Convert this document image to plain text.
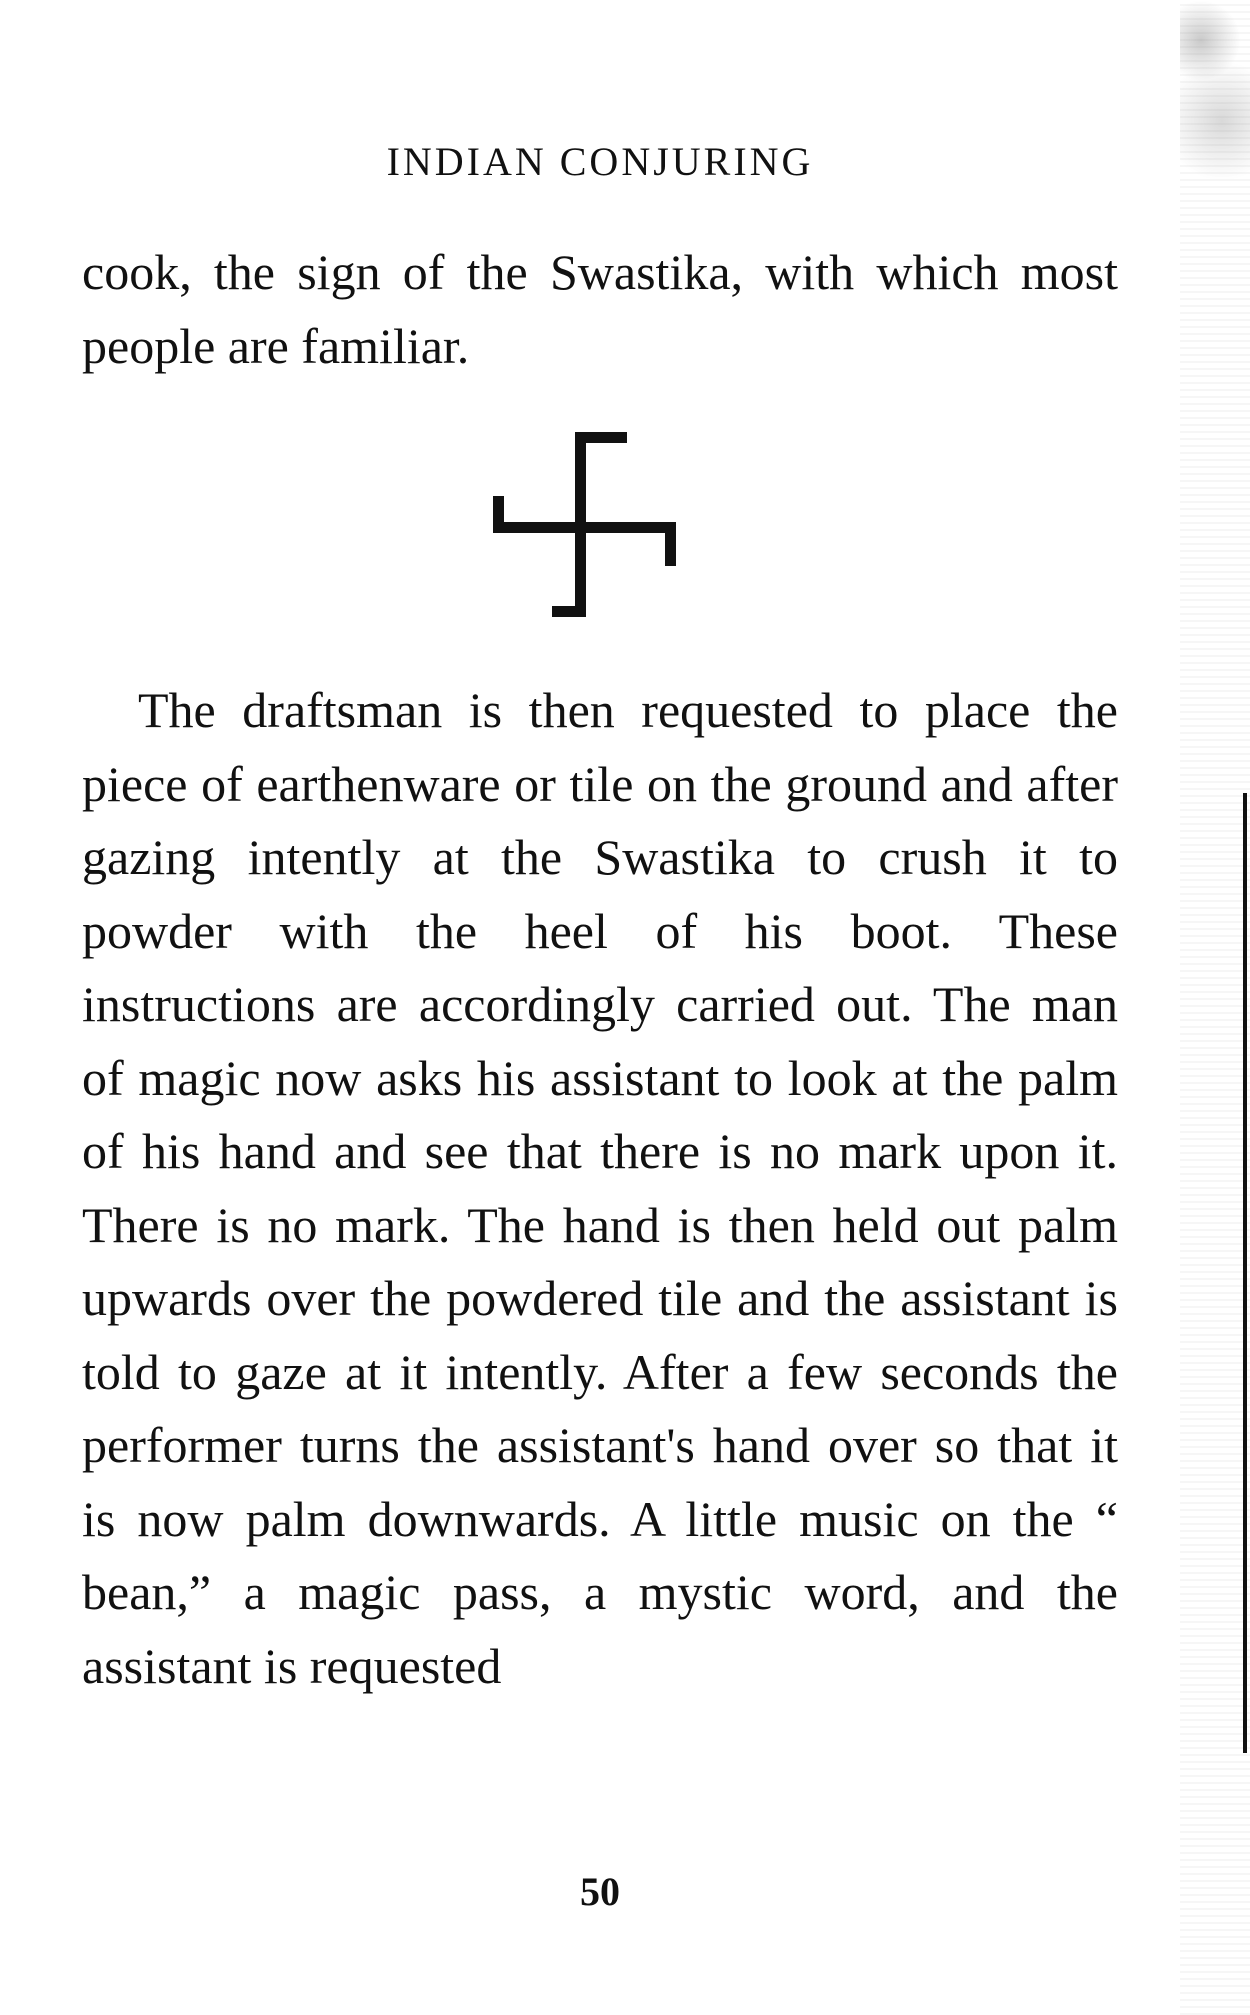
INDIAN CONJURING

cook, the sign of the Swastika, with which most people are familiar.

The draftsman is then requested to place the piece of earthenware or tile on the ground and after gazing intently at the Swastika to crush it to powder with the heel of his boot. These instructions are accordingly carried out. The man of magic now asks his assistant to look at the palm of his hand and see that there is no mark upon it. There is no mark. The hand is then held out palm upwards over the powdered tile and the assistant is told to gaze at it intently. After a few seconds the performer turns the assistant's hand over so that it is now palm downwards. A little music on the “ bean,” a magic pass, a mystic word, and the assistant is requested

50
